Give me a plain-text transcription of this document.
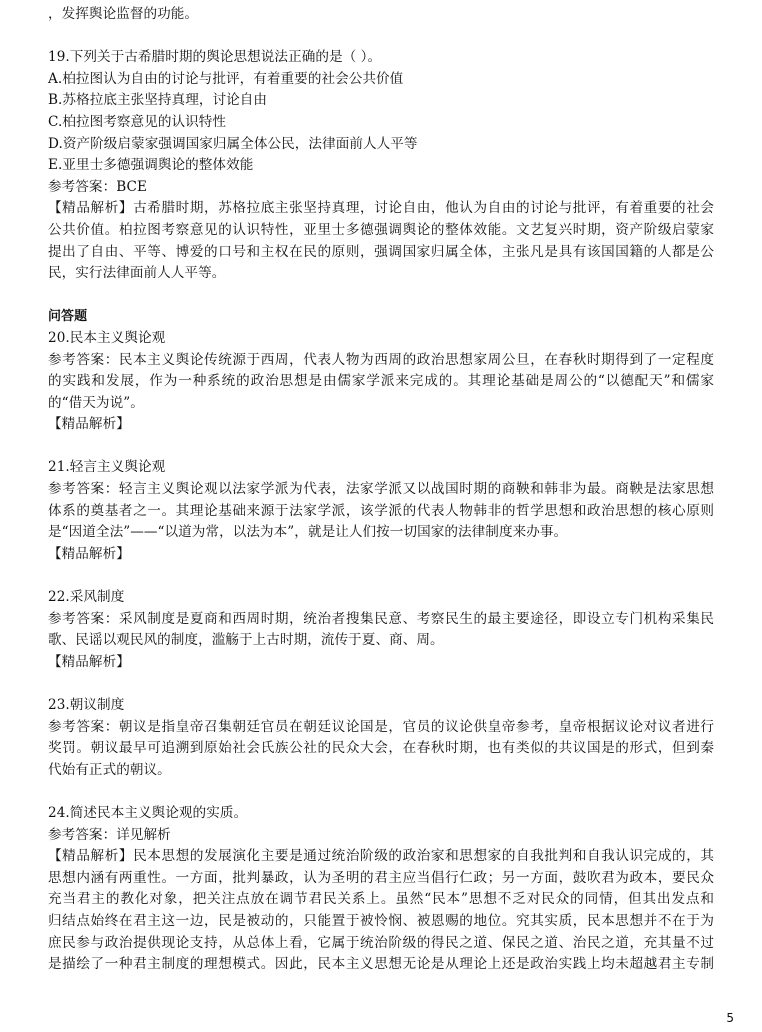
，发挥舆论监督的功能。
19.下列关于古希腊时期的舆论思想说法正确的是（ ）。
A.柏拉图认为自由的讨论与批评，有着重要的社会公共价值
B.苏格拉底主张坚持真理，讨论自由
C.柏拉图考察意见的认识特性
D.资产阶级启蒙家强调国家归属全体公民，法律面前人人平等
E.亚里士多德强调舆论的整体效能
参考答案：BCE
【精品解析】古希腊时期，苏格拉底主张坚持真理，讨论自由，他认为自由的讨论与批评，有着重要的社会
公共价值。柏拉图考察意见的认识特性，亚里士多德强调舆论的整体效能。文艺复兴时期，资产阶级启蒙家
提出了自由、平等、博爱的口号和主权在民的原则，强调国家归属全体，主张凡是具有该国国籍的人都是公
民，实行法律面前人人平等。
问答题
20.民本主义舆论观
参考答案：民本主义舆论传统源于西周，代表人物为西周的政治思想家周公旦，在春秋时期得到了一定程度
的实践和发展，作为一种系统的政治思想是由儒家学派来完成的。其理论基础是周公的“以德配天”和儒家
的“借天为说”。
【精品解析】
21.轻言主义舆论观
参考答案：轻言主义舆论观以法家学派为代表，法家学派又以战国时期的商鞅和韩非为最。商鞅是法家思想
体系的奠基者之一。其理论基础来源于法家学派，该学派的代表人物韩非的哲学思想和政治思想的核心原则
是“因道全法”——“以道为常，以法为本”，就是让人们按一切国家的法律制度来办事。
【精品解析】
22.采风制度
参考答案：采风制度是夏商和西周时期，统治者搜集民意、考察民生的最主要途径，即设立专门机构采集民
歌、民谣以观民风的制度，滥觞于上古时期，流传于夏、商、周。
【精品解析】
23.朝议制度
参考答案：朝议是指皇帝召集朝廷官员在朝廷议论国是，官员的议论供皇帝参考，皇帝根据议论对议者进行
奖罚。朝议最早可追溯到原始社会氏族公社的民众大会，在春秋时期，也有类似的共议国是的形式，但到秦
代始有正式的朝议。
24.简述民本主义舆论观的实质。
参考答案：详见解析
【精品解析】民本思想的发展演化主要是通过统治阶级的政治家和思想家的自我批判和自我认识完成的，其
思想内涵有两重性。一方面，批判暴政，认为圣明的君主应当倡行仁政；另一方面，鼓吹君为政本，要民众
充当君主的教化对象，把关注点放在调节君民关系上。虽然“民本”思想不乏对民众的同情，但其出发点和
归结点始终在君主这一边，民是被动的，只能置于被怜悯、被恩赐的地位。究其实质，民本思想并不在于为
庶民参与政治提供现论支持，从总体上看，它属于统治阶级的得民之道、保民之道、治民之道，充其量不过
是描绘了一种君主制度的理想模式。因此，民本主义思想无论是从理论上还是政治实践上均未超越君主专制
5
